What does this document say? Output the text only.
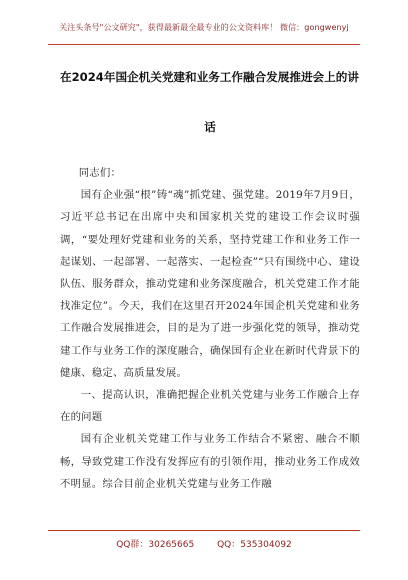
关注头条号"公文研究"，获得最新最全最专业的公文资料库！ 微信：gongwenyj
在2024年国企机关党建和业务工作融合发展推进会上的讲
话

同志们：

国有企业强“根”铸“魂”抓党建、强党建。2019年7月9日，习近平总书记在出席中央和国家机关党的建设工作会议时强调，“要处理好党建和业务的关系，坚持党建工作和业务工作一起谋划、一起部署、一起落实、一起检查”“只有围绕中心、建设队伍、服务群众，推动党建和业务深度融合，机关党建工作才能找准定位”。今天，我们在这里召开2024年国企机关党建和业务工作融合发展推进会，目的是为了进一步强化党的领导，推动党建工作与业务工作的深度融合，确保国有企业在新时代背景下的健康、稳定、高质量发展。

一、提高认识，准确把握企业机关党建与业务工作融合上存在的问题

国有企业机关党建工作与业务工作结合不紧密、融合不顺畅，导致党建工作没有发挥应有的引领作用，推动业务工作成效不明显。综合目前企业机关党建与业务工作融

QQ群：30265665	QQ：535304092
